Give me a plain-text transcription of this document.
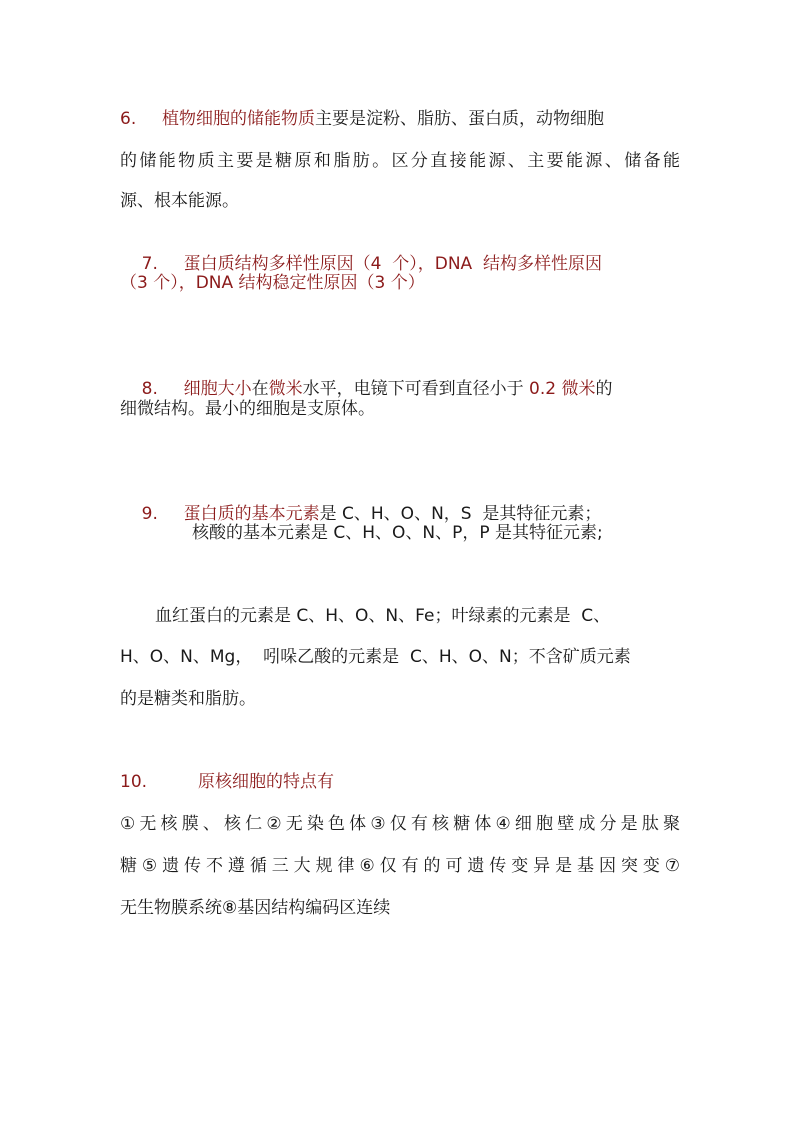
6. 植物细胞的储能物质主要是淀粉、脂肪、蛋白质，动物细胞
的储能物质主要是糖原和脂肪。区分直接能源、主要能源、储备能
源、根本能源。

7. 蛋白质结构多样性原因（4  个），DNA  结构多样性原因

（3 个），DNA 结构稳定性原因（3 个）

8. 细胞大小在微米水平，电镜下可看到直径小于 0.2 微米的

细微结构。最小的细胞是支原体。

9. 蛋白质的基本元素是 C、H、O、N，S  是其特征元素；

核酸的基本元素是 C、H、O、N、P，P 是其特征元素;
血红蛋白的元素是 C、H、O、N、Fe；叶绿素的元素是  C、
H、O、N、Mg，  吲哚乙酸的元素是  C、H、O、N；不含矿质元素
的是糖类和脂肪。
10.	原核细胞的特点有
①无核膜、核仁②无染色体③仅有核糖体④细胞壁成分是肽聚
糖⑤遗传不遵循三大规律⑥仅有的可遗传变异是基因突变⑦
无生物膜系统⑧基因结构编码区连续
